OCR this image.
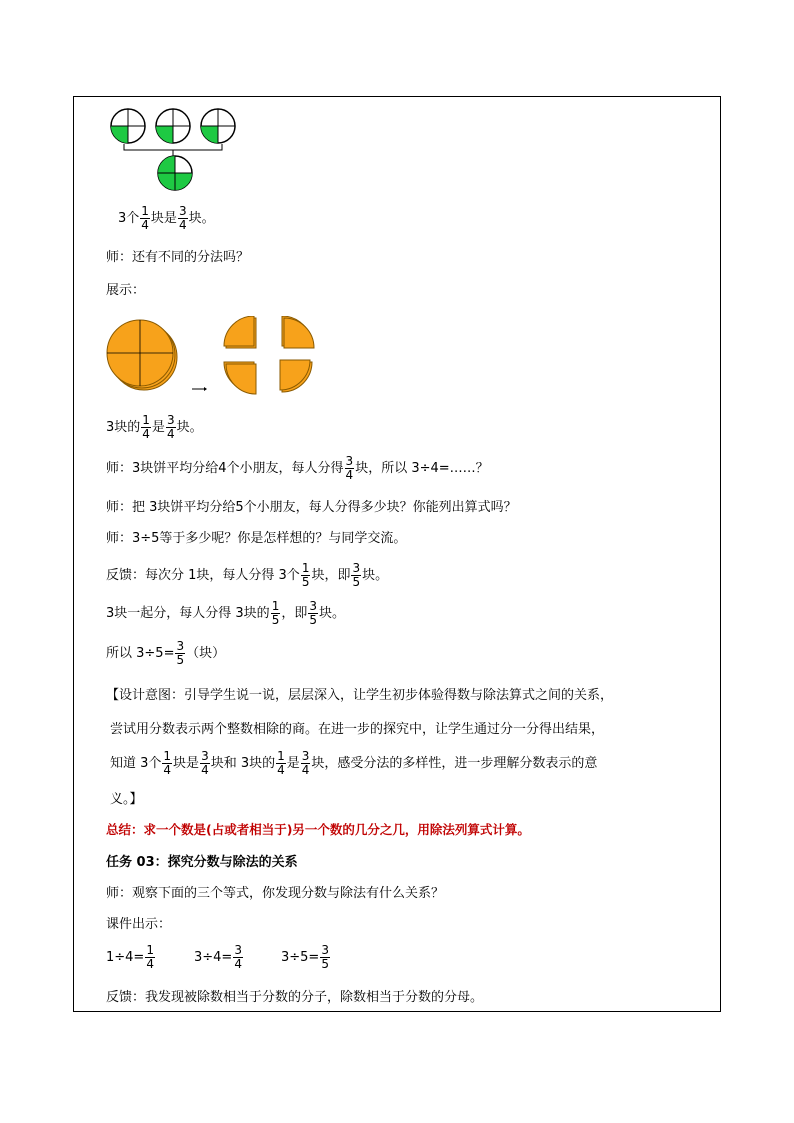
3个 $\frac{1}{4}$ 块是 $\frac{3}{4}$ 块。
师：还有不同的分法吗？
展示：
3块的 $\frac{1}{4}$ 是 $\frac{3}{4}$ 块。
师：3块饼平均分给4个小朋友，每人分得 $\frac{3}{4}$ 块，所以 3÷4=……？
师：把 3块饼平均分给5个小朋友，每人分得多少块？你能列出算式吗？
师：3÷5等于多少呢？你是怎样想的？与同学交流。
反馈：每次分 1块，每人分得 3个 $\frac{1}{5}$ 块，即 $\frac{3}{5}$ 块。
3块一起分，每人分得 3块的 $\frac{1}{5}$ ，即 $\frac{3}{5}$ 块。
所以 $3\div 5= \frac{3}{5}$ （块）
【设计意图：引导学生说一说，层层深入，让学生初步体验得数与除法算式之间的关系，
尝试用分数表示两个整数相除的商。在进一步的探究中，让学生通过分一分得出结果，
知道 3个 $\frac{1}{4}$ 块是 $\frac{3}{4}$ 块和 3块的 $\frac{1}{4}$ 是 $\frac{3}{4}$ 块，感受分法的多样性，进一步理解分数表示的意
义。】
总结：求一个数是(占或者相当于)另一个数的几分之几，用除法列算式计算。
任务 03：探究分数与除法的关系
师：观察下面的三个等式，你发现分数与除法有什么关系？
课件出示：
$1\div 4= \frac{1}{4}$	$3\div 4= \frac{3}{4}$	$3\div 5= \frac{3}{5}$
反馈：我发现被除数相当于分数的分子，除数相当于分数的分母。
